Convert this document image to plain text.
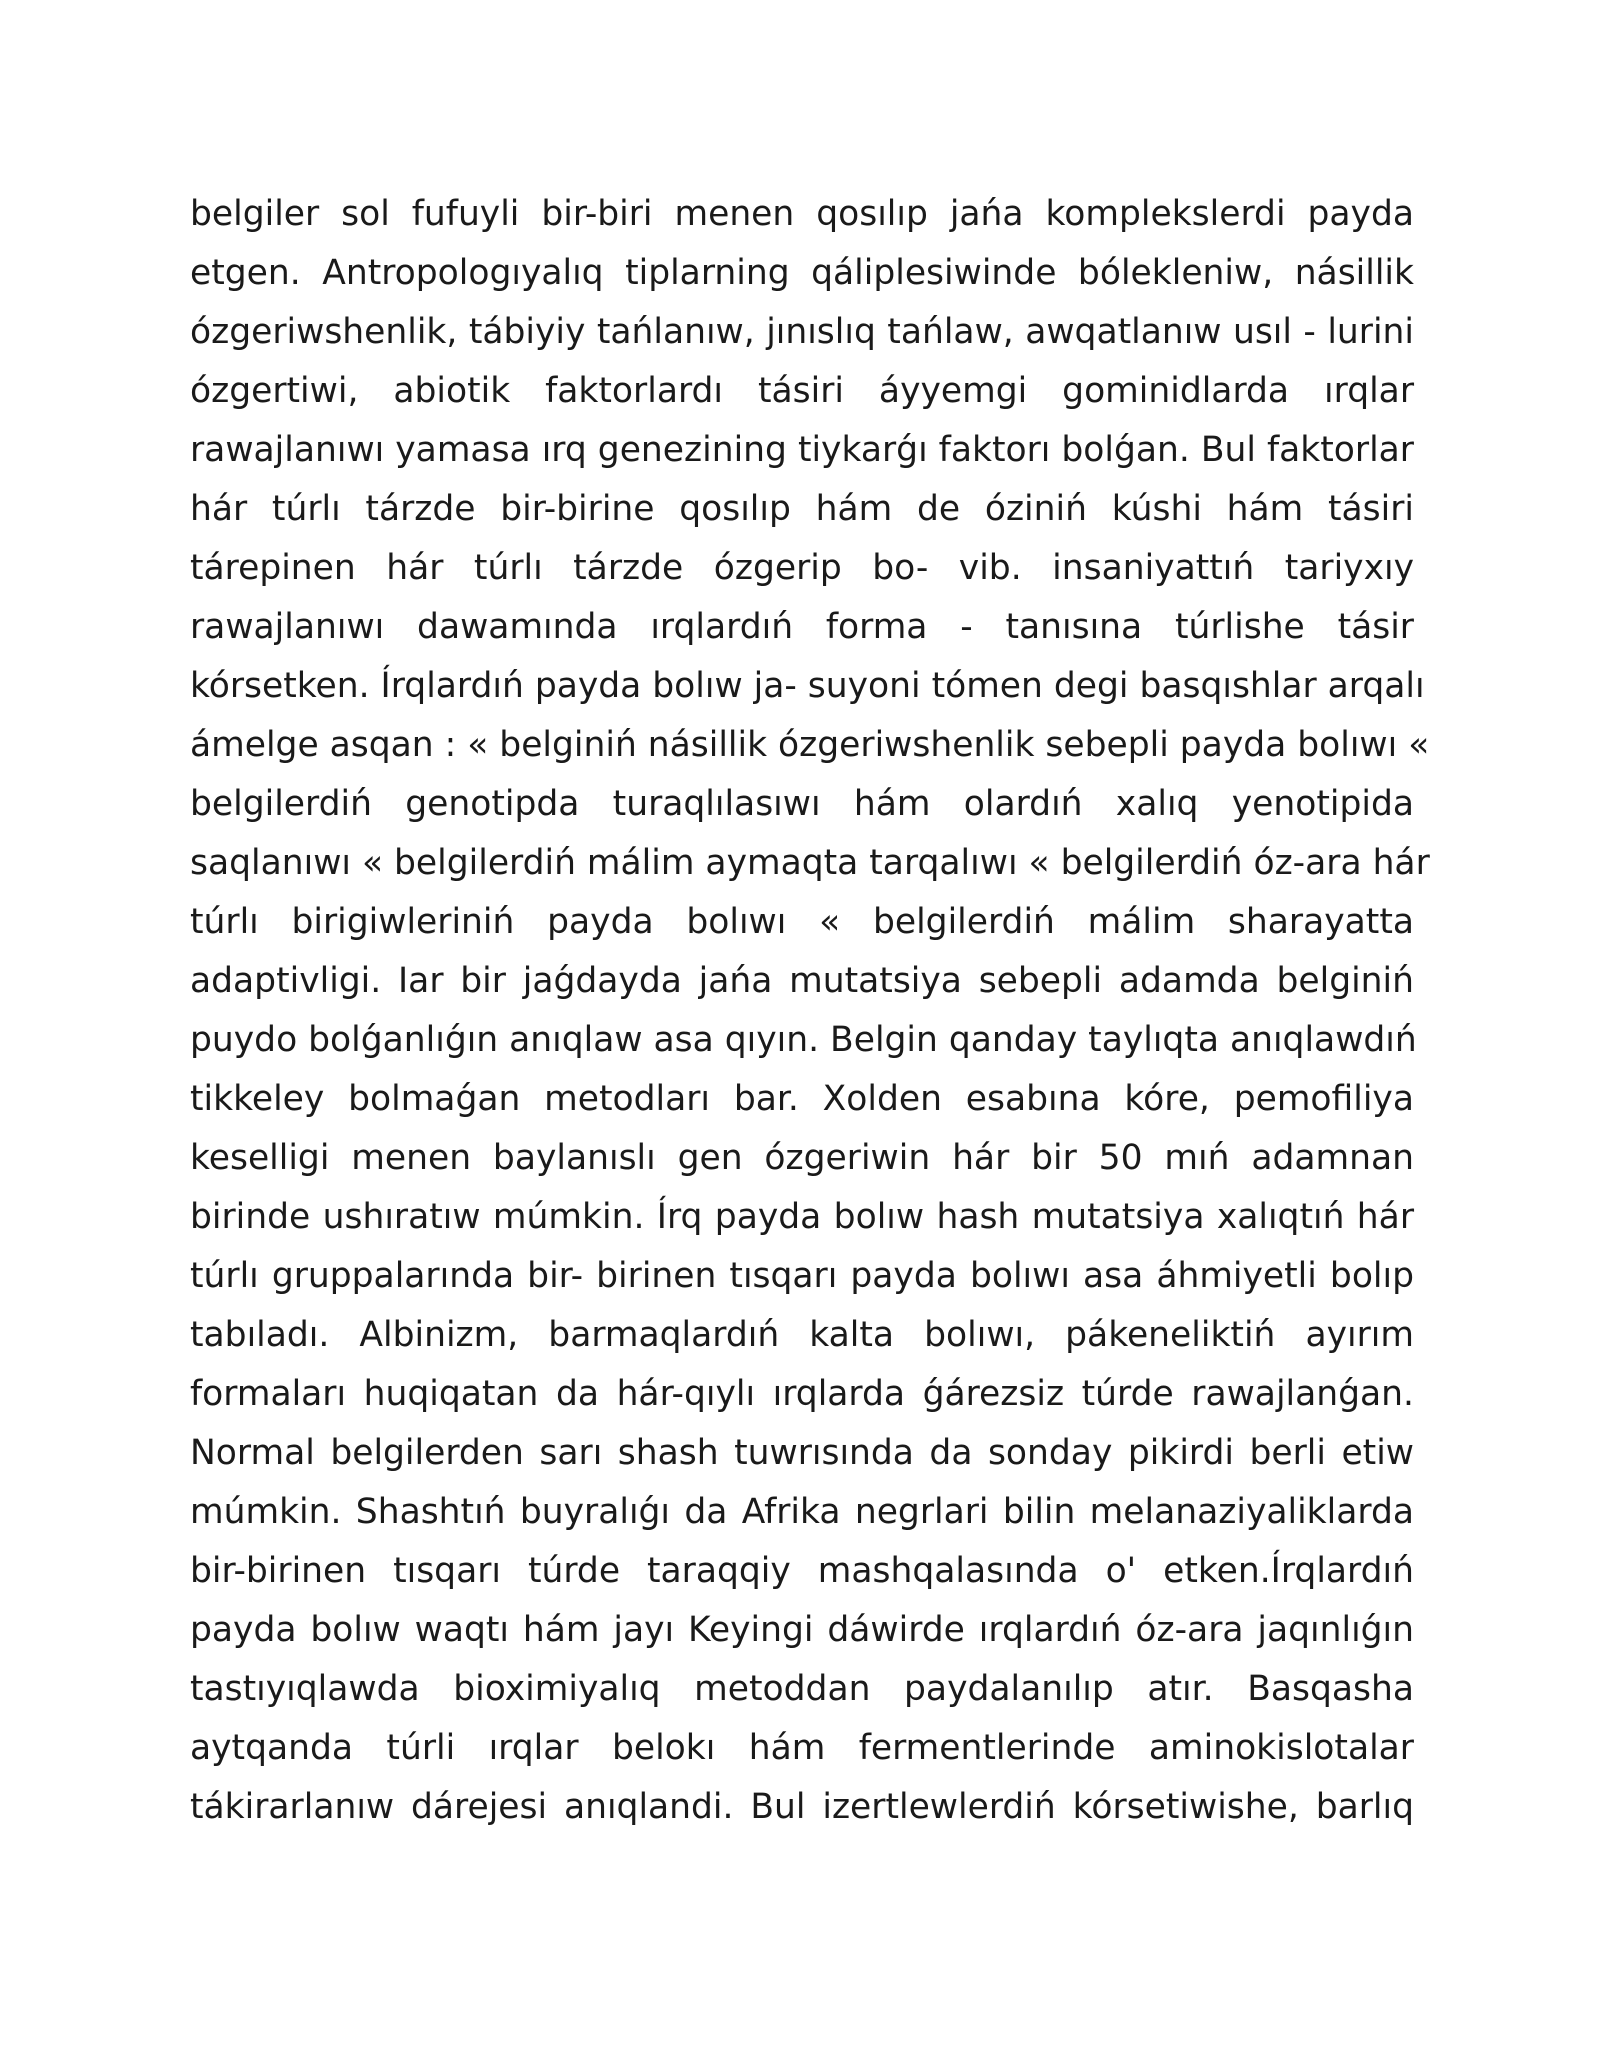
belgiler sol fufuyli bir-biri menen qosılıp jańa komplekslerdi payda
etgen. Antropologıyalıq tiplarning qáliplesiwinde bólekleniw, násillik
ózgeriwshenlik, tábiyiy tańlanıw, jınıslıq tańlaw, awqatlanıw usıl - lurini
ózgertiwi, abiotik faktorlardı tásiri áyyemgi gominidlarda ırqlar
rawajlanıwı yamasa ırq genezining tiykarǵı faktorı bolǵan. Bul faktorlar
hár túrlı tárzde bir-birine qosılıp hám de óziniń kúshi hám tásiri
tárepinen hár túrlı tárzde ózgerip bo- vib. insaniyattıń tariyxıy
rawajlanıwı dawamında ırqlardıń forma - tanısına túrlishe tásir
kórsetken. Írqlardıń payda bolıw ja- suyoni tómen degi basqıshlar arqalı
ámelge asqan : « belginiń násillik ózgeriwshenlik sebepli payda bolıwı «
belgilerdiń genotipda turaqlılasıwı hám olardıń xalıq yenotipida
saqlanıwı « belgilerdiń málim aymaqta tarqalıwı « belgilerdiń óz-ara hár
túrlı birigiwleriniń payda bolıwı « belgilerdiń málim sharayatta
adaptivligi. Iar bir jaǵdayda jańa mutatsiya sebepli adamda belginiń
puydo bolǵanlıǵın anıqlaw asa qıyın. Belgin qanday taylıqta anıqlawdıń
tikkeley bolmaǵan metodları bar. Xolden esabına kóre, pemofiliya
keselligi menen baylanıslı gen ózgeriwin hár bir 50 mıń adamnan
birinde ushıratıw múmkin. Írq payda bolıw hash mutatsiya xalıqtıń hár
túrlı gruppalarında bir- birinen tısqarı payda bolıwı asa áhmiyetli bolıp
tabıladı. Albinizm, barmaqlardıń kalta bolıwı, pákeneliktiń ayırım
formaları huqiqatan da hár-qıylı ırqlarda ǵárezsiz túrde rawajlanǵan.
Normal belgilerden sarı shash tuwrısında da sonday pikirdi berli etiw
múmkin. Shashtıń buyralıǵı da Afrika negrlari bilin melanaziyaliklarda
bir-birinen tısqarı túrde taraqqiy mashqalasında o' etken.Írqlardıń
payda bolıw waqtı hám jayı Keyingi dáwirde ırqlardıń óz-ara jaqınlıǵın
tastıyıqlawda bioximiyalıq metoddan paydalanılıp atır. Basqasha
aytqanda túrli ırqlar belokı hám fermentlerinde aminokislotalar
tákirarlanıw dárejesi anıqlandi. Bul izertlewlerdiń kórsetiwishe, barlıq
